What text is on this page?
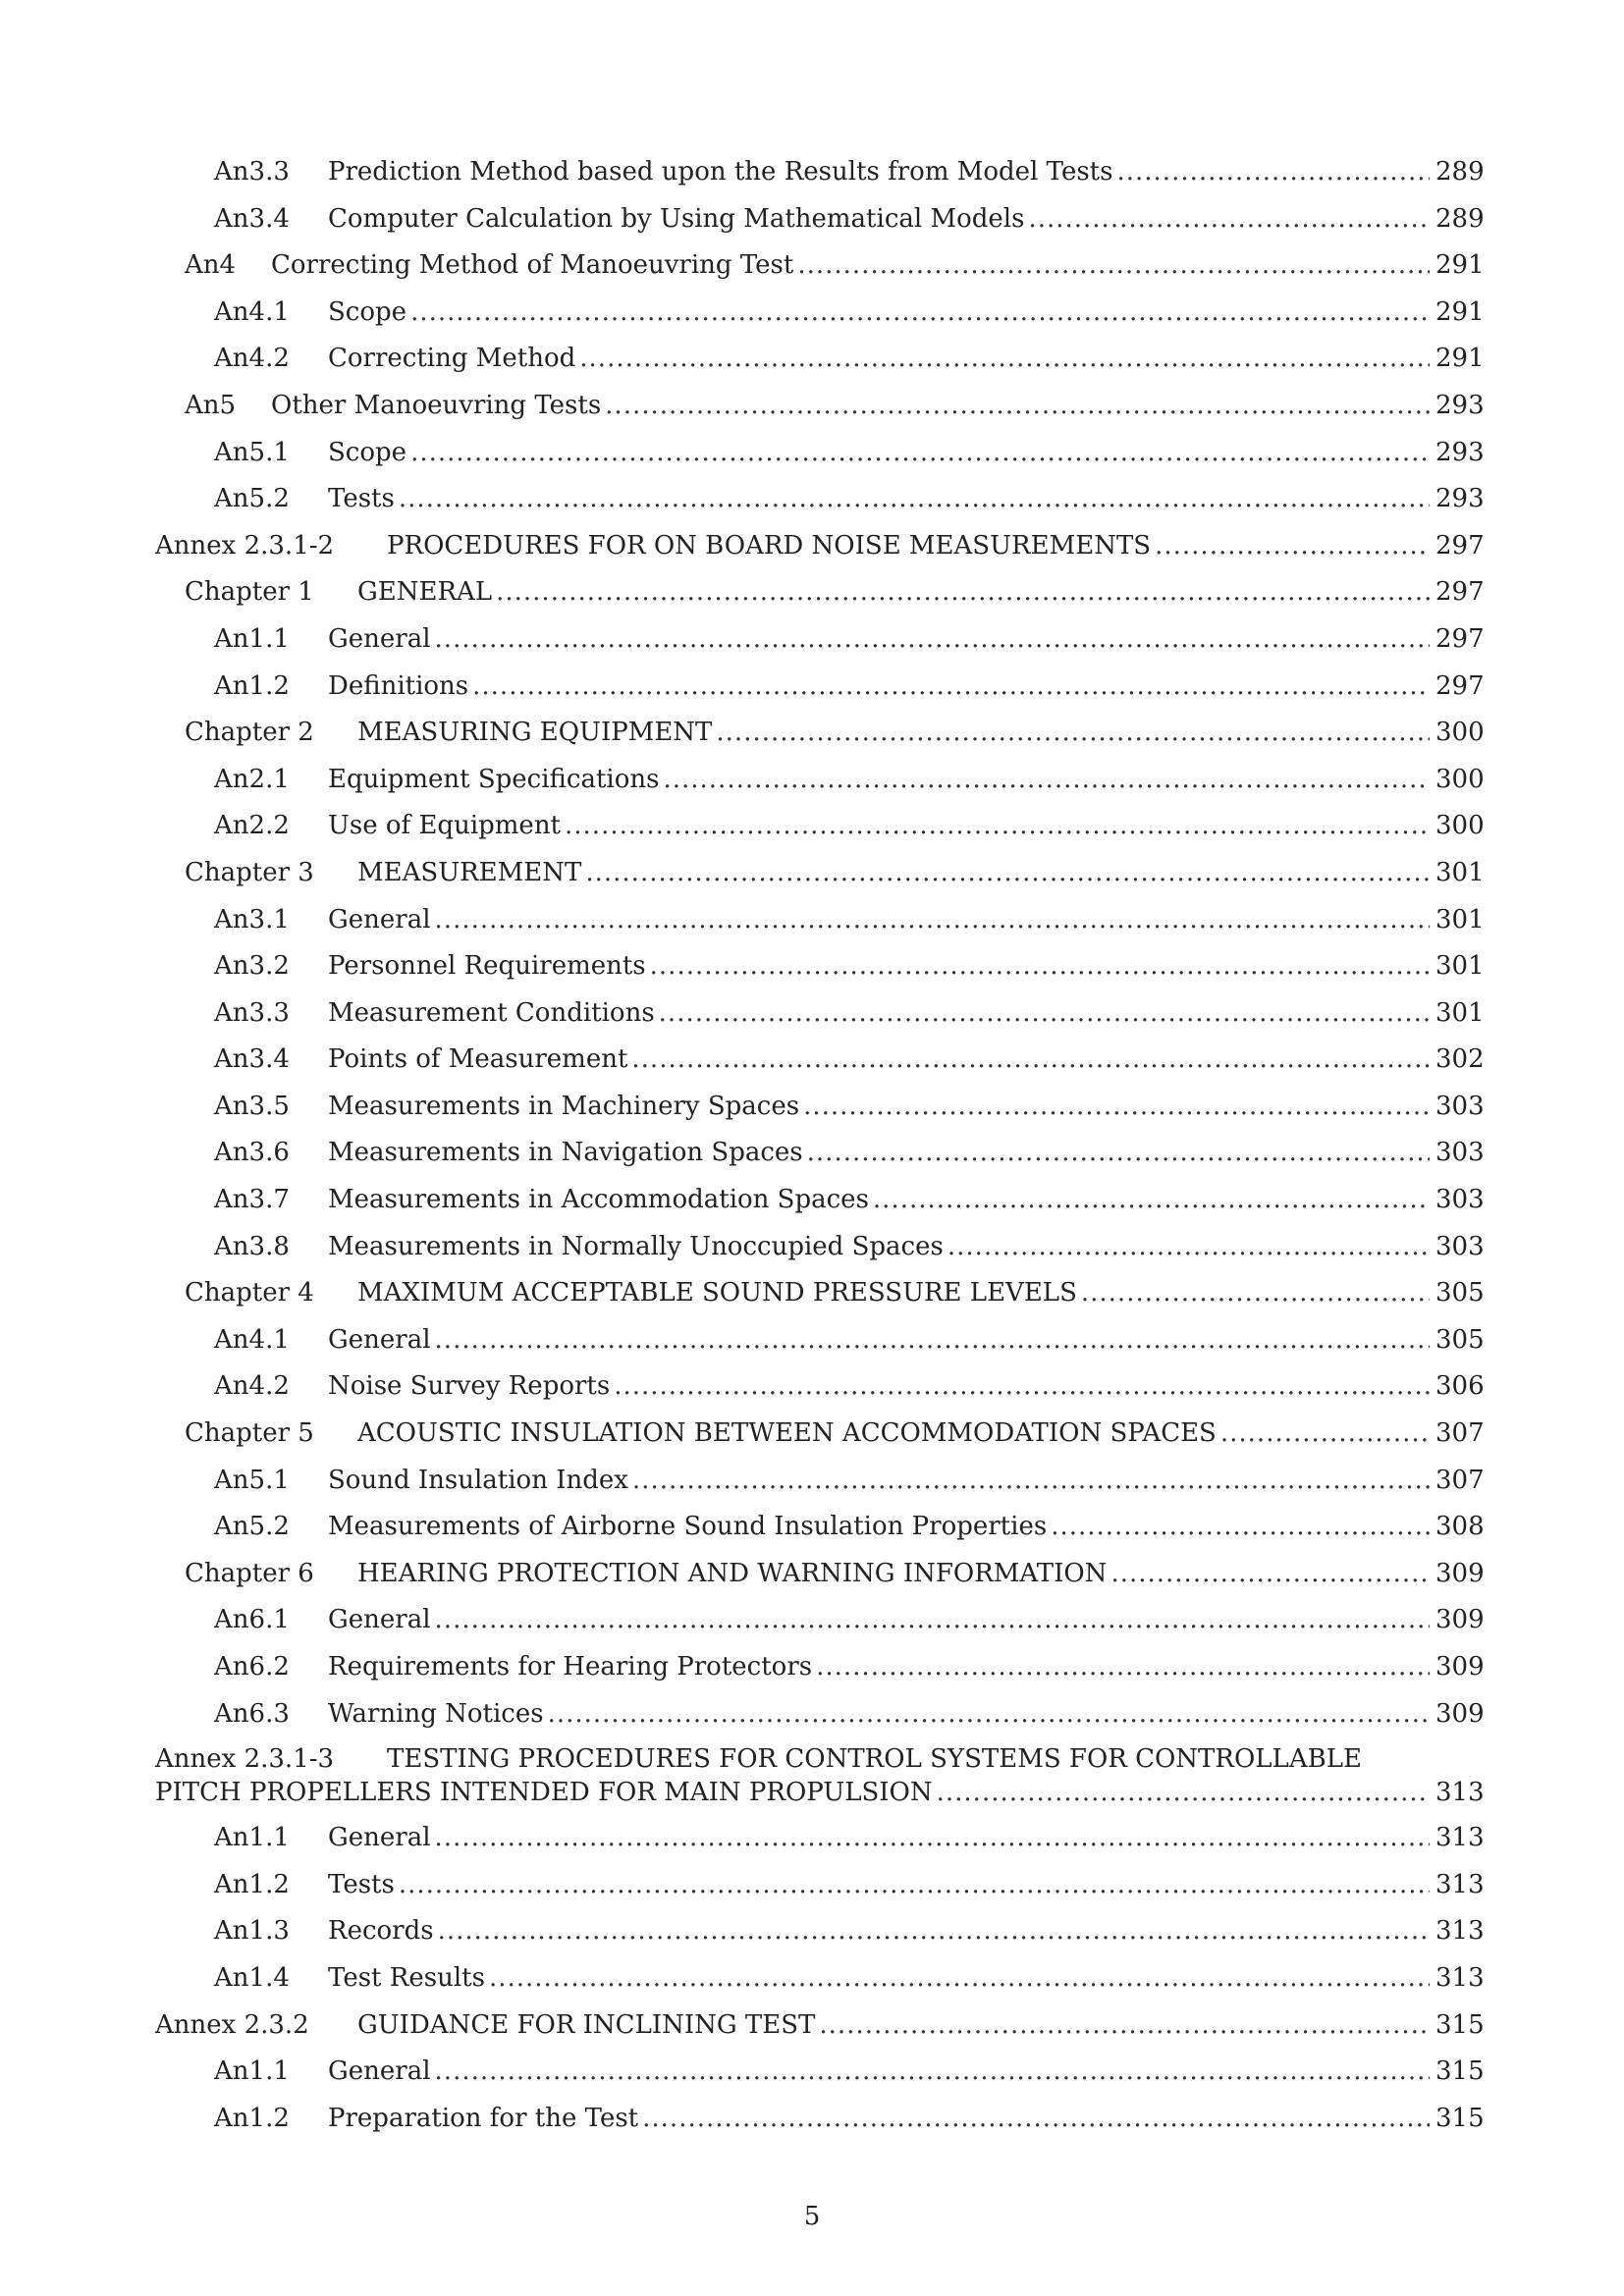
An3.3	Prediction Method based upon the Results from Model Tests .....	289
An3.4	Computer Calculation by Using Mathematical Models .....	289
An4	Correcting Method of Manoeuvring Test .....	291
An4.1	Scope .....	291
An4.2	Correcting Method .....	291
An5	Other Manoeuvring Tests .....	293
An5.1	Scope .....	293
An5.2	Tests .....	293
Annex 2.3.1-2	PROCEDURES FOR ON BOARD NOISE MEASUREMENTS .....	297
Chapter 1	GENERAL .....	297
An1.1	General .....	297
An1.2	Definitions .....	297
Chapter 2	MEASURING EQUIPMENT .....	300
An2.1	Equipment Specifications .....	300
An2.2	Use of Equipment .....	300
Chapter 3	MEASUREMENT .....	301
An3.1	General .....	301
An3.2	Personnel Requirements .....	301
An3.3	Measurement Conditions .....	301
An3.4	Points of Measurement .....	302
An3.5	Measurements in Machinery Spaces .....	303
An3.6	Measurements in Navigation Spaces .....	303
An3.7	Measurements in Accommodation Spaces .....	303
An3.8	Measurements in Normally Unoccupied Spaces .....	303
Chapter 4	MAXIMUM ACCEPTABLE SOUND PRESSURE LEVELS .....	305
An4.1	General .....	305
An4.2	Noise Survey Reports .....	306
Chapter 5	ACOUSTIC INSULATION BETWEEN ACCOMMODATION SPACES .....	307
An5.1	Sound Insulation Index .....	307
An5.2	Measurements of Airborne Sound Insulation Properties .....	308
Chapter 6	HEARING PROTECTION AND WARNING INFORMATION .....	309
An6.1	General .....	309
An6.2	Requirements for Hearing Protectors .....	309
An6.3	Warning Notices .....	309
Annex 2.3.1-3	TESTING PROCEDURES FOR CONTROL SYSTEMS FOR CONTROLLABLE
PITCH PROPELLERS INTENDED FOR MAIN PROPULSION .....	313
An1.1	General .....	313
An1.2	Tests .....	313
An1.3	Records .....	313
An1.4	Test Results .....	313
Annex 2.3.2	GUIDANCE FOR INCLINING TEST .....	315
An1.1	General .....	315
An1.2	Preparation for the Test .....	315
5
